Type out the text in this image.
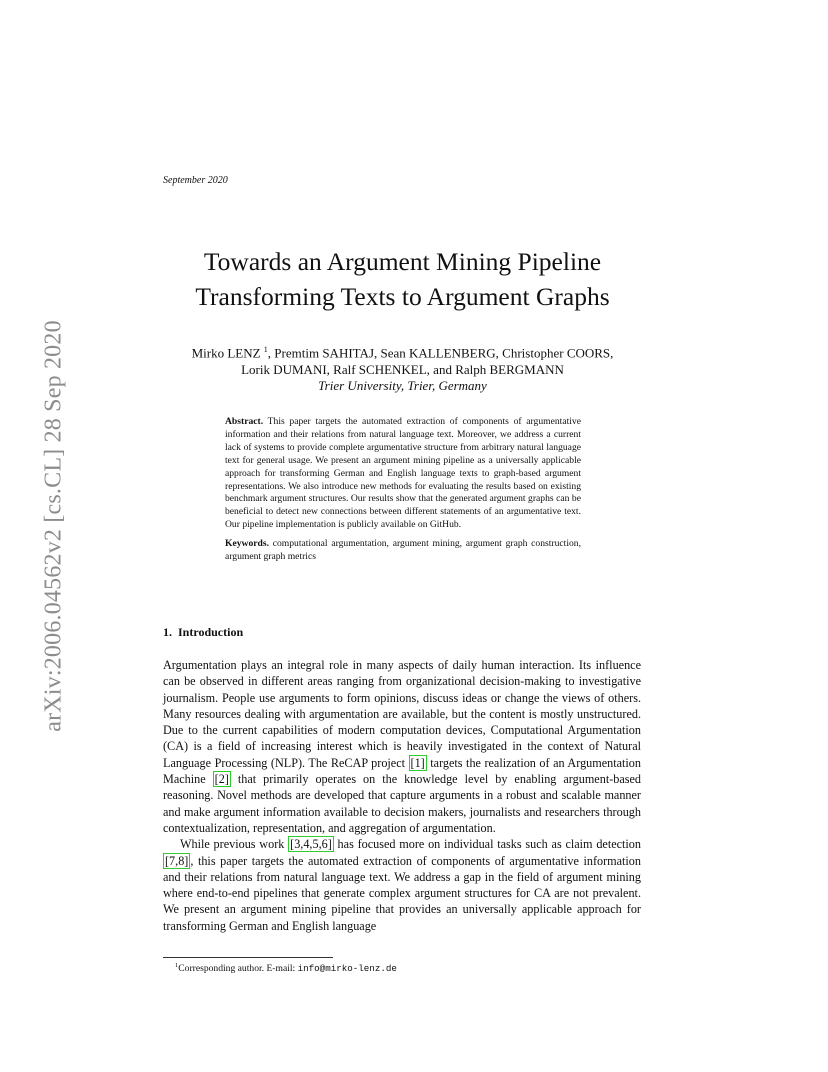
arXiv:2006.04562v2 [cs.CL] 28 Sep 2020
September 2020
Towards an Argument Mining Pipeline
Transforming Texts to Argument Graphs
Mirko LENZ $^1$, Premtim SAHITAJ, Sean KALLENBERG, Christopher COORS,
Lorik DUMANI, Ralf SCHENKEL, and Ralph BERGMANN
Trier University, Trier, Germany

Abstract. This paper targets the automated extraction of components of argumentative information and their relations from natural language text. Moreover, we address a current lack of systems to provide complete argumentative structure from arbitrary natural language text for general usage. We present an argument mining pipeline as a universally applicable approach for transforming German and English language texts to graph-based argument representations. We also introduce new methods for evaluating the results based on existing benchmark argument structures. Our results show that the generated argument graphs can be beneficial to detect new connections between different statements of an argumentative text. Our pipeline implementation is publicly available on GitHub.

Keywords. computational argumentation, argument mining, argument graph construction, argument graph metrics

1. Introduction

Argumentation plays an integral role in many aspects of daily human interaction. Its influence can be observed in different areas ranging from organizational decision-making to investigative journalism. People use arguments to form opinions, discuss ideas or change the views of others. Many resources dealing with argumentation are available, but the content is mostly unstructured. Due to the current capabilities of modern computation devices, Computational Argumentation (CA) is a field of increasing interest which is heavily investigated in the context of Natural Language Processing (NLP). The ReCAP project [1] targets the realization of an Argumentation Machine [2] that primarily operates on the knowledge level by enabling argument-based reasoning. Novel methods are developed that capture arguments in a robust and scalable manner and make argument information available to decision makers, journalists and researchers through contextualization, representation, and aggregation of argumentation.

While previous work [3,4,5,6] has focused more on individual tasks such as claim detection [7,8] , this paper targets the automated extraction of components of argumentative information and their relations from natural language text. We address a gap in the field of argument mining where end-to-end pipelines that generate complex argument structures for CA are not prevalent. We present an argument mining pipeline that provides an universally applicable approach for transforming German and English language

$^1$Corresponding author. E-mail: info@mirko-lenz.de
